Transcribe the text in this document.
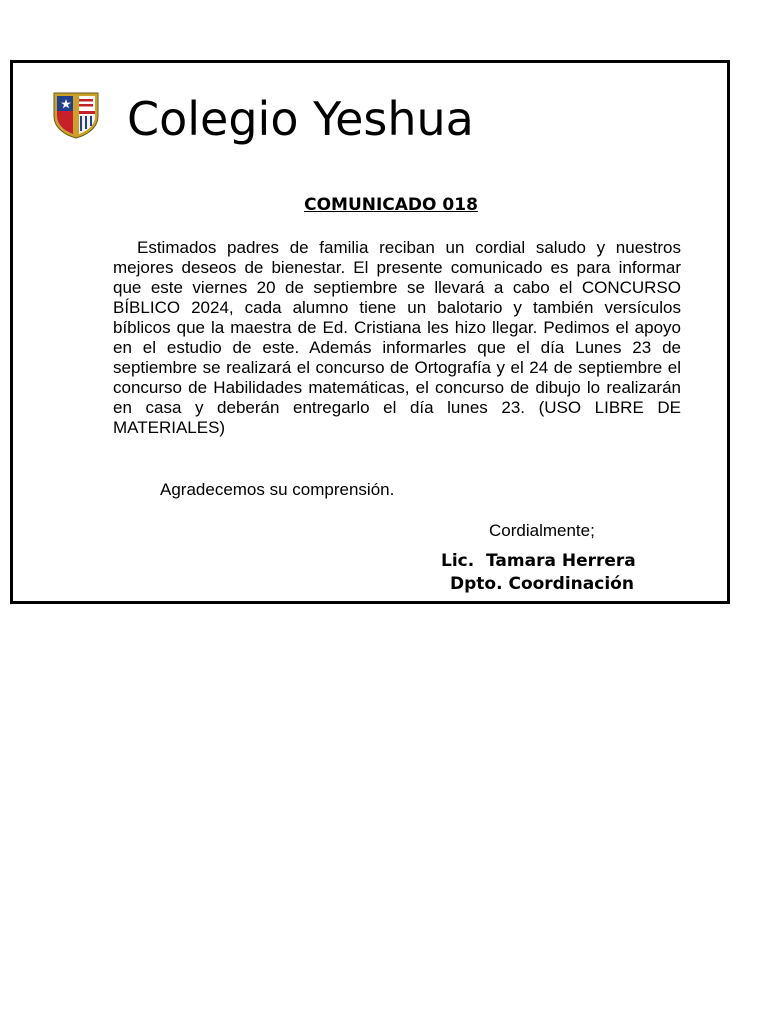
Colegio Yeshua
COMUNICADO 018
Estimados padres de familia reciban un cordial saludo y nuestros mejores deseos de bienestar. El presente comunicado es para informar que este viernes 20 de septiembre se llevará a cabo el CONCURSO BÍBLICO 2024, cada alumno tiene un balotario y también versículos bíblicos que la maestra de Ed. Cristiana les hizo llegar. Pedimos el apoyo en el estudio de este. Además informarles que el día Lunes 23 de septiembre se realizará el concurso de Ortografía y el 24 de septiembre el concurso de Habilidades matemáticas, el concurso de dibujo lo realizarán en casa y deberán entregarlo el día lunes 23. (USO LIBRE DE MATERIALES)
Agradecemos su comprensión.
Cordialmente;
Lic.  Tamara Herrera
Dpto. Coordinación
